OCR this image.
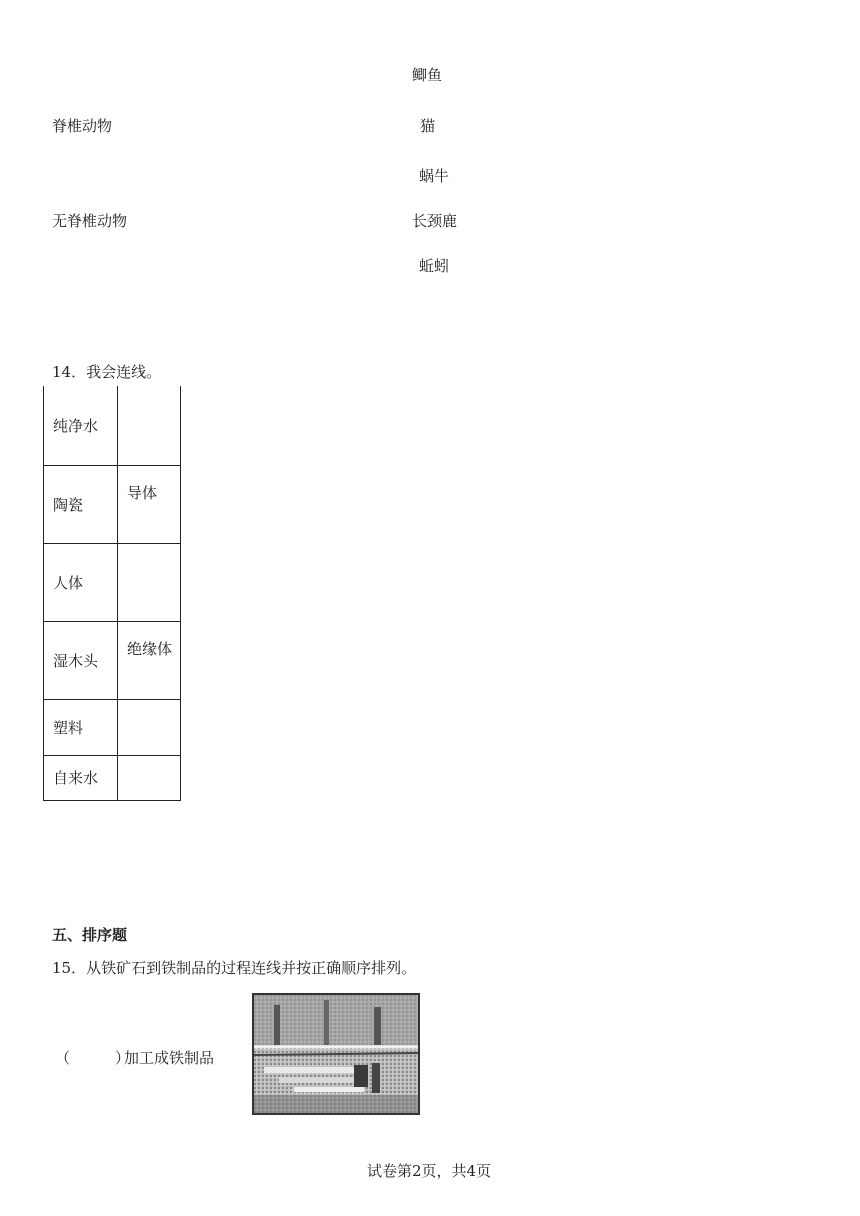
鲫鱼
脊椎动物	猫
蜗牛
无脊椎动物	长颈鹿
蚯蚓
14．我会连线。
纯净水	
陶瓷	导体

人体	
湿木头	绝缘体

塑料	
自来水	
五、排序题
15．从铁矿石到铁制品的过程连线并按正确顺序排列。
（　　　）
加工成铁制品
试卷第2页，共4页
